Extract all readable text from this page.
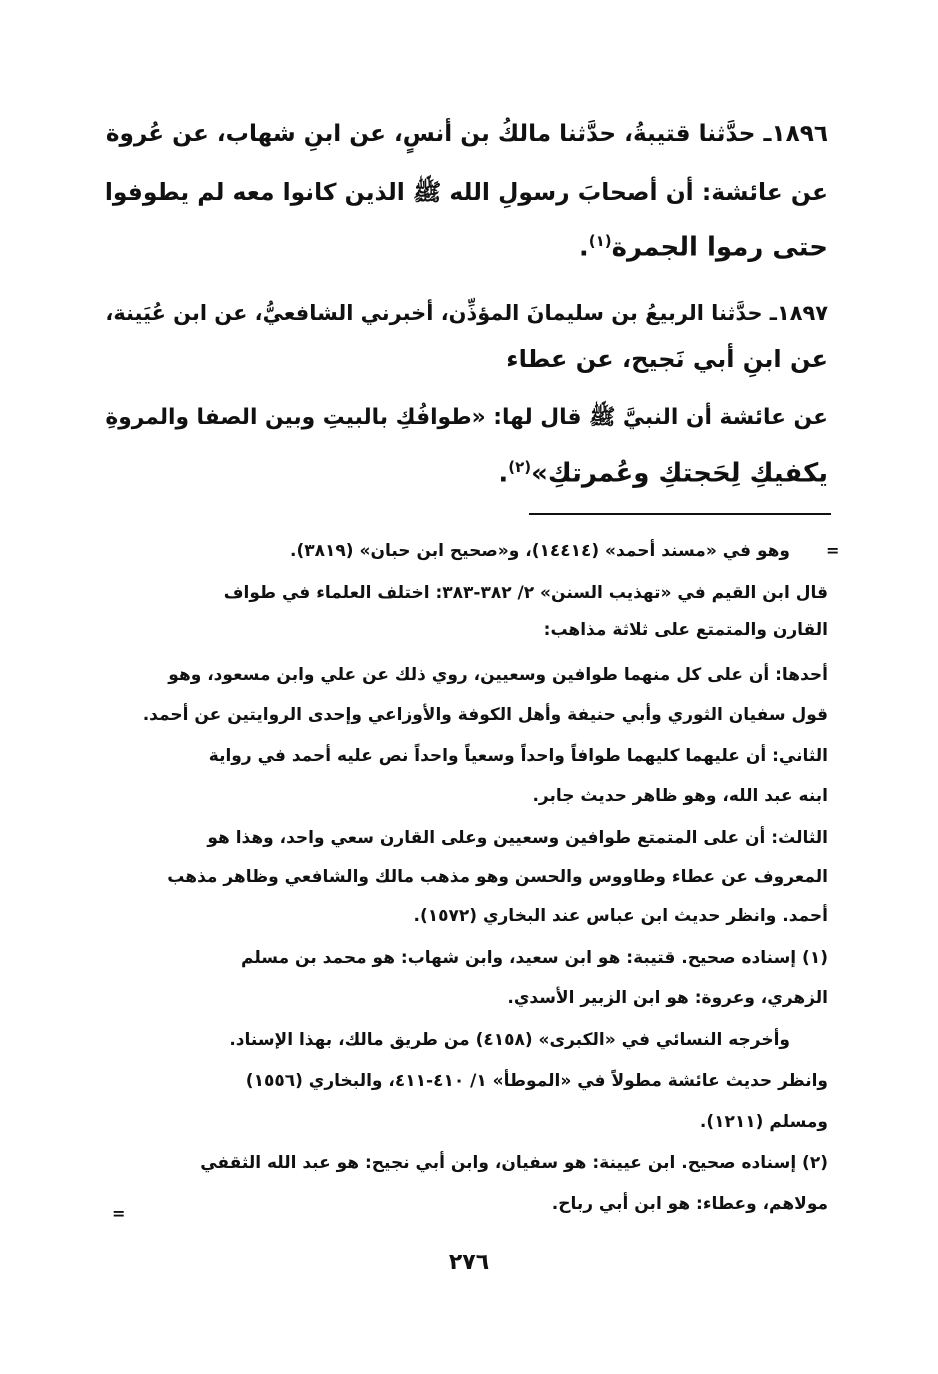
١٨٩٦ـ حدَّثنا قتيبةُ، حدَّثنا مالكُ بن أنسٍ، عن ابنِ شهاب، عن عُروة
عن عائشة: أن أصحابَ رسولِ الله ﷺ الذين كانوا معه لم يطوفوا
حتى رموا الجمرة$^{(١)}$.
١٨٩٧ـ حدَّثنا الربيعُ بن سليمانَ المؤذِّن، أخبرني الشافعيُّ، عن ابن عُيَينة،
عن ابنِ أبي نَجيح، عن عطاء
عن عائشة أن النبيَّ ﷺ قال لها: «طوافُكِ بالبيتِ وبين الصفا والمروةِ
يكفيكِ لِحَجتكِ وعُمرتكِ»$^{(٢)}$.
=
وهو في «مسند أحمد» (١٤٤١٤)، و«صحيح ابن حبان» (٣٨١٩).
قال ابن القيم في «تهذيب السنن» ٢/ ٣٨٢-٣٨٣: اختلف العلماء في طواف
القارن والمتمتع على ثلاثة مذاهب:
أحدها: أن على كل منهما طوافين وسعيين، روي ذلك عن علي وابن مسعود، وهو
قول سفيان الثوري وأبي حنيفة وأهل الكوفة والأوزاعي وإحدى الروايتين عن أحمد.
الثاني: أن عليهما كليهما طوافاً واحداً وسعياً واحداً نص عليه أحمد في رواية
ابنه عبد الله، وهو ظاهر حديث جابر.
الثالث: أن على المتمتع طوافين وسعيين وعلى القارن سعي واحد، وهذا هو
المعروف عن عطاء وطاووس والحسن وهو مذهب مالك والشافعي وظاهر مذهب
أحمد. وانظر حديث ابن عباس عند البخاري (١٥٧٢).
(١) إسناده صحيح. قتيبة: هو ابن سعيد، وابن شهاب: هو محمد بن مسلم
الزهري، وعروة: هو ابن الزبير الأسدي.
وأخرجه النسائي في «الكبرى» (٤١٥٨) من طريق مالك، بهذا الإسناد.
وانظر حديث عائشة مطولاً في «الموطأ» ١/ ٤١٠-٤١١، والبخاري (١٥٥٦)
ومسلم (١٢١١).
(٢) إسناده صحيح. ابن عيينة: هو سفيان، وابن أبي نجيح: هو عبد الله الثقفي
مولاهم، وعطاء: هو ابن أبي رباح.
=
٢٧٦
